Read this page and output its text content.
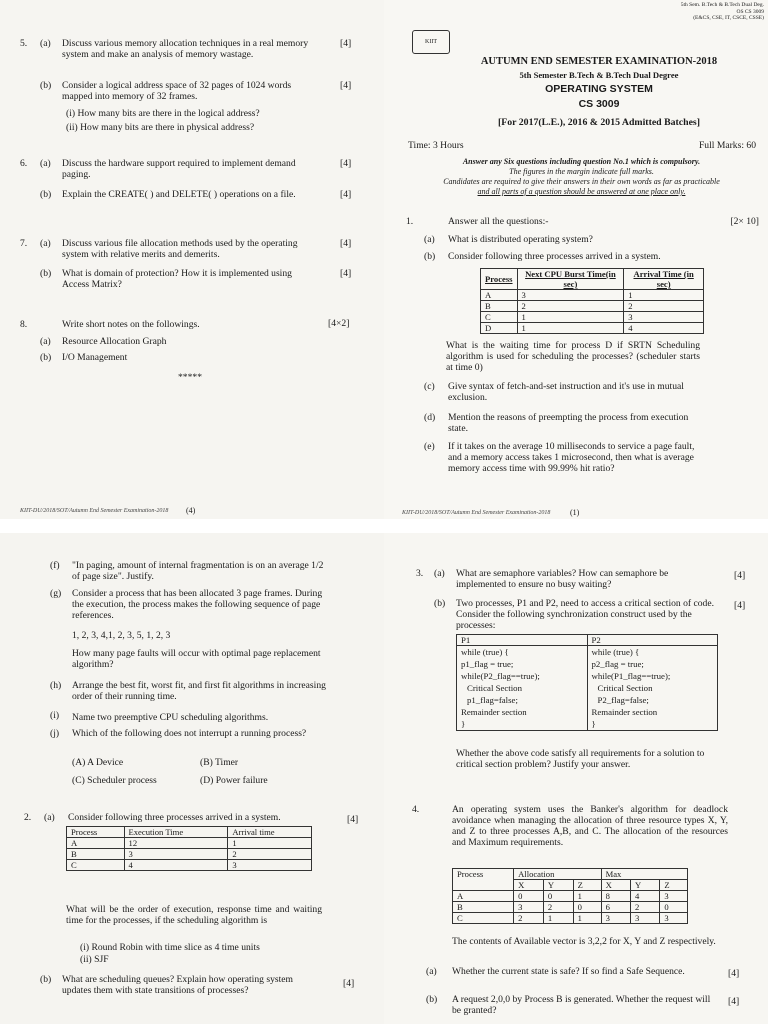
5. (a) Discuss various memory allocation techniques in a real memory system and make an analysis of memory wastage.
[4]
(b) Consider a logical address space of 32 pages of 1024 words mapped into memory of 32 frames.
[4]
(i) How many bits are there in the logical address?
(ii) How many bits are there in physical address?
6. (a) Discuss the hardware support required to implement demand paging.
[4]
(b) Explain the CREATE( ) and DELETE( ) operations on a file.	[4]
7. (a) Discuss various file allocation methods used by the operating system with relative merits and demerits.
[4]
(b) What is domain of protection? How it is implemented using Access Matrix?
[4]
8.	Write short notes on the followings.	[4×2]
(a) Resource Allocation Graph
(b) I/O Management
*****
KIIT-DU/2018/SOT/Autumn End Semester Examination-2018 (4)
5th Sem. B.Tech & B.Tech Dual Deg.
OS CS 3009
(E&CS, CSE, IT, CSCE, CSSE)
KIIT
AUTUMN END SEMESTER EXAMINATION-2018
5th Semester B.Tech & B.Tech Dual Degree
OPERATING SYSTEM
CS 3009
[For 2017(L.E.), 2016 & 2015 Admitted Batches]
Time: 3 Hours	Full Marks: 60
Answer any Six questions including question No.1 which is compulsory.
The figures in the margin indicate full marks.
Candidates are required to give their answers in their own words as far as practicable
and all parts of a question should be answered at one place only.
1.	Answer all the questions:-	[2× 10]
(a) What is distributed operating system?
(b) Consider following three processes arrived in a system.
Process	Next CPU Burst Time(in sec)	Arrival Time (in sec)
A	3	1
B	2	2
C	1	3
D	1	4
What is the waiting time for process D if SRTN Scheduling algorithm is used for scheduling the processes? (scheduler starts at time 0)
(c) Give syntax of fetch-and-set instruction and it's use in mutual exclusion.
(d) Mention the reasons of preempting the process from execution state.
(e) If it takes on the average 10 milliseconds to service a page fault, and a memory access takes 1 microsecond, then what is average memory access time with 99.99% hit ratio?
KIIT-DU/2018/SOT/Autumn End Semester Examination-2018 (1)
(f) "In paging, amount of internal fragmentation is on an average 1/2 of page size". Justify.
(g) Consider a process that has been allocated 3 page frames. During the execution, the process makes the following sequence of page references.
1, 2, 3, 4,1, 2, 3, 5, 1, 2, 3
How many page faults will occur with optimal page replacement algorithm?
(h) Arrange the best fit, worst fit, and first fit algorithms in increasing order of their running time.
(i) Name two preemptive CPU scheduling algorithms.
(j) Which of the following does not interrupt a running process?
(A) A Device	(B) Timer
(C) Scheduler process	(D) Power failure
2. (a) Consider following three processes arrived in a system.	[4]
Process	Execution Time	Arrival time
A	12	1
B	3	2
C	4	3
What will be the order of execution, response time and waiting time for the processes, if the scheduling algorithm is
(i) Round Robin with time slice as 4 time units
(ii) SJF
(b) What are scheduling queues? Explain how operating system updates them with state transitions of processes?
[4]
3. (a) What are semaphore variables? How can semaphore be implemented to ensure no busy waiting?
[4]
(b) Two processes, P1 and P2, need to access a critical section of code. Consider the following synchronization construct used by the processes:
[4]
P1	P2
while (true) {	while (true) {
p1_flag = true;	p2_flag = true;
while(P2_flag==true);	while(P1_flag==true);
Critical Section	Critical Section
p1_flag=false;	P2_flag=false;
Remainder section	Remainder section
}	}
Whether the above code satisfy all requirements for a solution to critical section problem? Justify your answer.
4.	An operating system uses the Banker's algorithm for deadlock avoidance when managing the allocation of three resource types X, Y, and Z to three processes A,B, and C. The allocation of the resources and Maximum requirements.
Process	Allocation			Max		
	X	Y	Z	X	Y	Z
A	0	0	1	8	4	3
B	3	2	0	6	2	0
C	2	1	1	3	3	3
The contents of Available vector is 3,2,2 for X, Y and Z respectively.
(a) Whether the current state is safe? If so find a Safe Sequence.	[4]
(b) A request 2,0,0 by Process B is generated. Whether the request will be granted?
[4]
